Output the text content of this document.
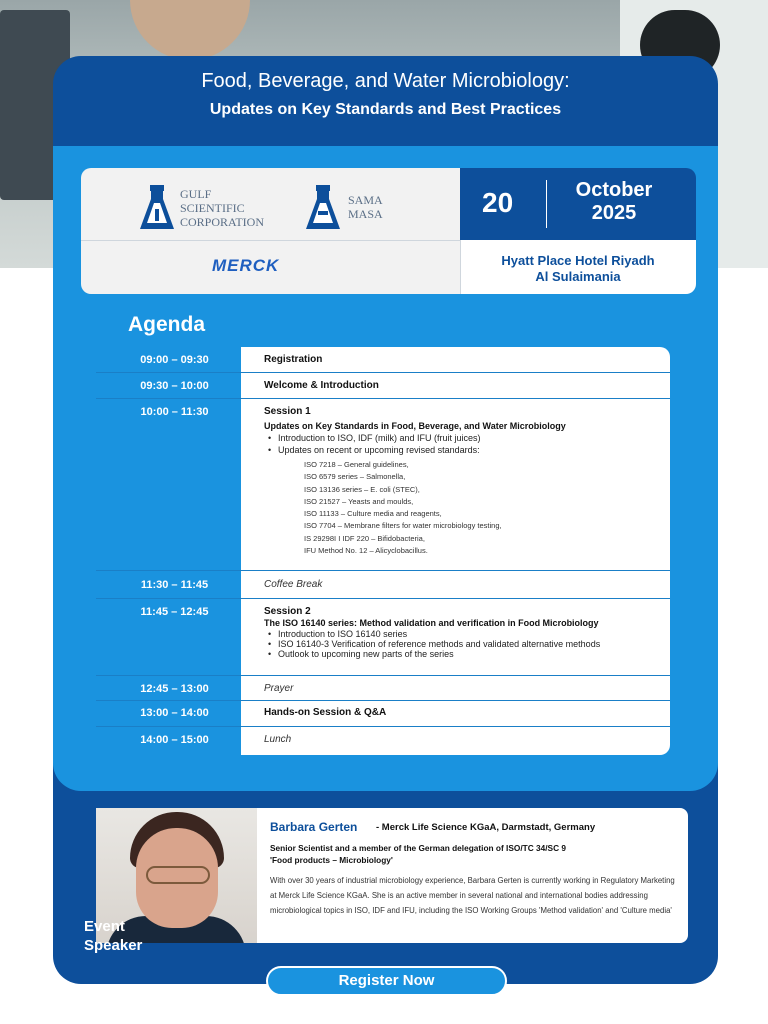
Food, Beverage, and Water Microbiology:
Updates on Key Standards and Best Practices
GULF
SCIENTIFIC
CORPORATION
SAMA
MASA
MERCK
20	October
2025
Hyatt Place Hotel Riyadh
Al Sulaimania
Agenda
09:00 – 09:30	Registration
09:30 – 10:00	Welcome & Introduction
10:00 – 11:30	Session 1
Updates on Key Standards in Food, Beverage, and Water Microbiology
• Introduction to ISO, IDF (milk) and IFU (fruit juices)
• Updates on recent or upcoming revised standards:
ISO 7218 – General guidelines,
ISO 6579 series – Salmonella,
ISO 13136 series – E. coli (STEC),
ISO 21527 – Yeasts and moulds,
ISO 11133 – Culture media and reagents,
ISO 7704 – Membrane filters for water microbiology testing,
IS 29298I I IDF 220 – Bifidobacteria,
IFU Method No. 12 – Alicyclobacillus.
11:30 – 11:45	Coffee Break
11:45 – 12:45	Session 2
The ISO 16140 series: Method validation and verification in Food Microbiology
• Introduction to ISO 16140 series
• ISO 16140-3 Verification of reference methods and validated alternative methods
• Outlook to upcoming new parts of the series
12:45 – 13:00	Prayer
13:00 – 14:00	Hands-on Session & Q&A
14:00 – 15:00	Lunch
Event
Speaker
Barbara Gerten - Merck Life Science KGaA, Darmstadt, Germany
Senior Scientist and a member of the German delegation of ISO/TC 34/SC 9
'Food products – Microbiology'
With over 30 years of industrial microbiology experience, Barbara Gerten is currently working in Regulatory Marketing at Merck Life Science KGaA. She is an active member in several national and international bodies addressing microbiological topics in ISO, IDF and IFU, including the ISO Working Groups 'Method validation' and 'Culture media'
Register Now
